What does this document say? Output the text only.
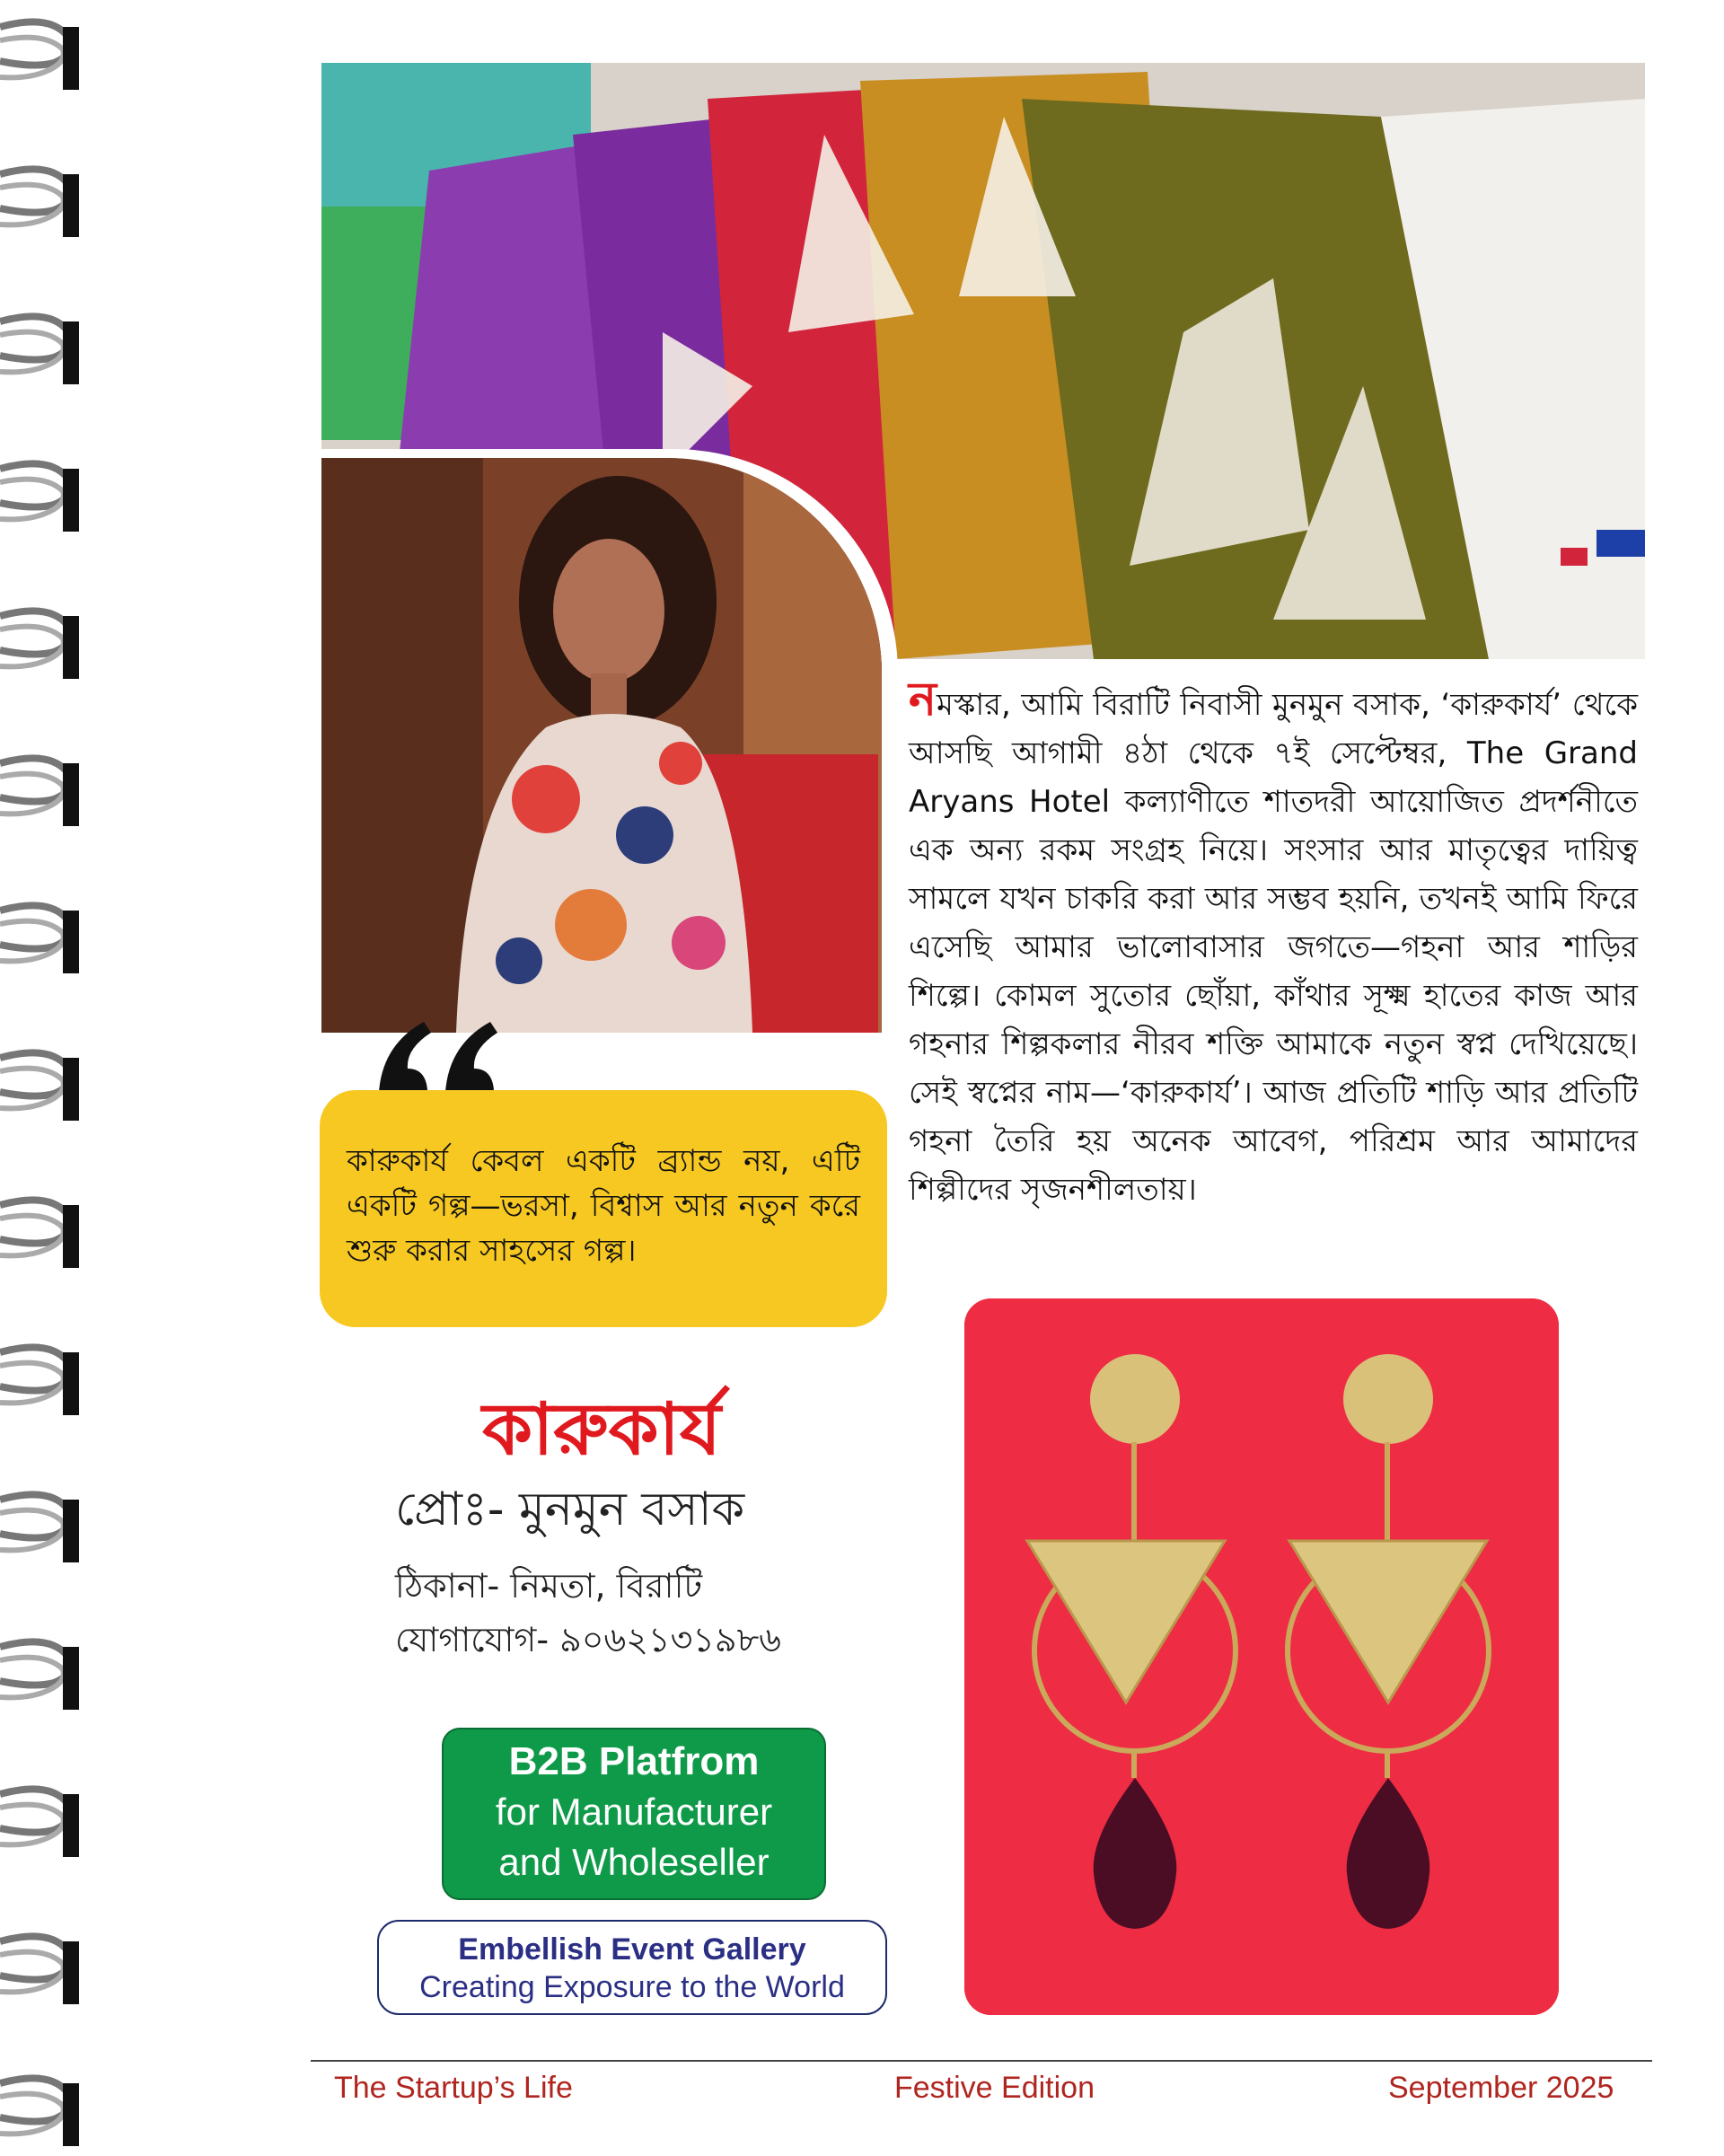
নমস্কার, আমি বিরাটি নিবাসী মুনমুন বসাক, ‘কারুকার্য’ থেকে আসছি আগামী ৪ঠা থেকে ৭ই সেপ্টেম্বর, The Grand Aryans Hotel কল্যাণীতে শাতদরী আয়োজিত প্রদর্শনীতে এক অন্য রকম সংগ্রহ নিয়ে। সংসার আর মাতৃত্বের দায়িত্ব সামলে যখন চাকরি করা আর সম্ভব হয়নি, তখনই আমি ফিরে এসেছি আমার ভালোবাসার জগতে—গহনা আর শাড়ির শিল্পে। কোমল সুতোর ছোঁয়া, কাঁথার সূক্ষ্ম হাতের কাজ আর গহনার শিল্পকলার নীরব শক্তি আমাকে নতুন স্বপ্ন দেখিয়েছে। সেই স্বপ্নের নাম—‘কারুকার্য’। আজ প্রতিটি শাড়ি আর প্রতিটি গহনা তৈরি হয় অনেক আবেগ, পরিশ্রম আর আমাদের শিল্পীদের সৃজনশীলতায়।

কারুকার্য কেবল একটি ব্র্যান্ড নয়, এটি একটি গল্প—ভরসা, বিশ্বাস আর নতুন করে শুরু করার সাহসের গল্প।

কারুকার্য

প্রোঃ- মুনমুন বসাক

ঠিকানা- নিমতা, বিরাটি

যোগাযোগ- ৯০৬২১৩১৯৮৬

B2B Platfrom
for Manufacturer
and Wholeseller
Embellish Event Gallery
Creating Exposure to the World

The Startup’s Life	Festive Edition	September 2025
